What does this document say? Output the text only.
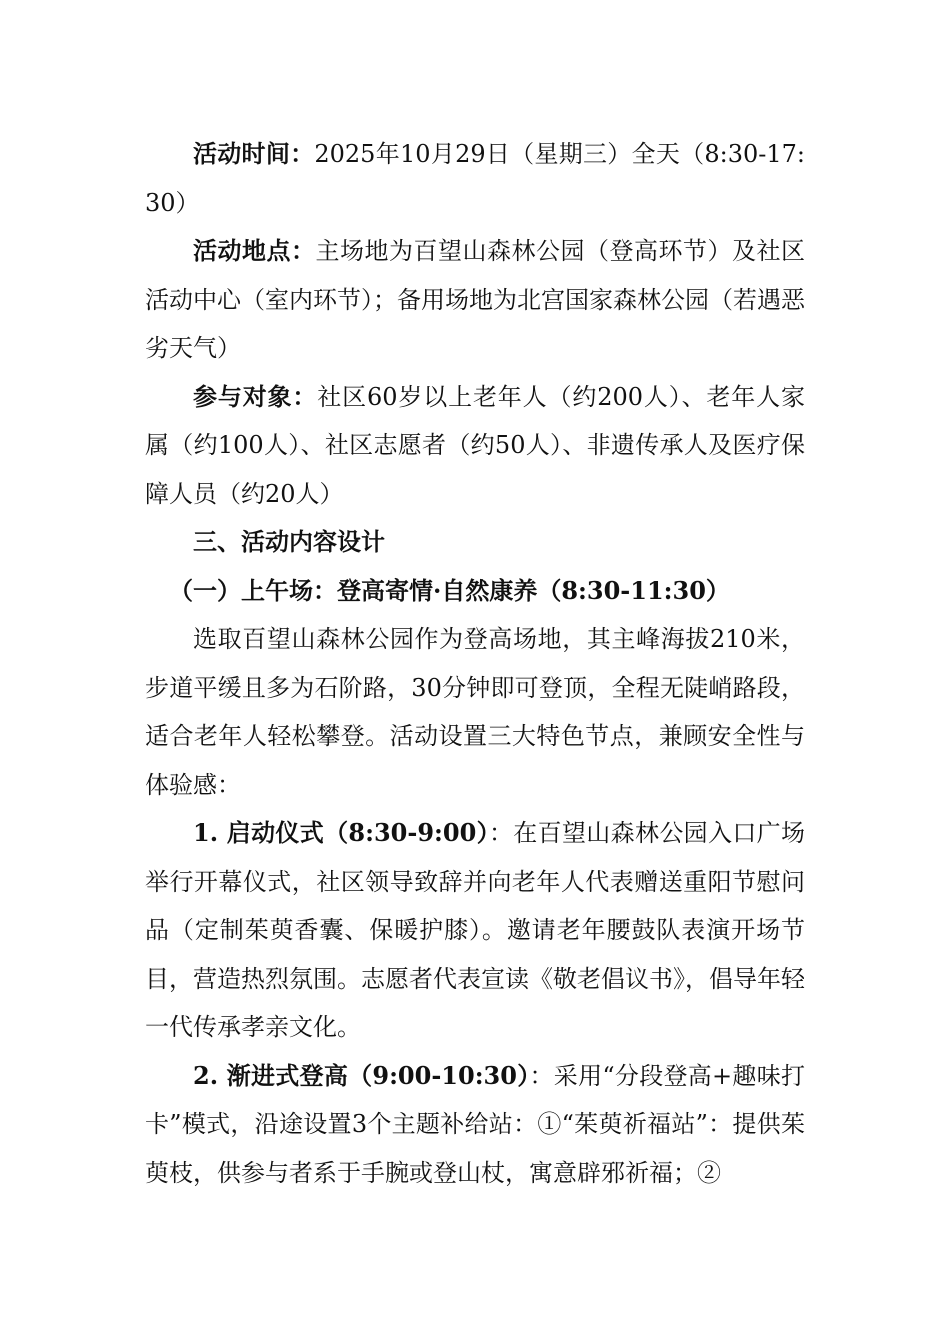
活动时间：2025年10月29日（星期三）全天（8:30-17:30）

活动地点：主场地为百望山森林公园（登高环节）及社区活动中心（室内环节）；备用场地为北宫国家森林公园（若遇恶劣天气）

参与对象：社区60岁以上老年人（约200人）、老年人家属（约100人）、社区志愿者（约50人）、非遗传承人及医疗保障人员（约20人）

三、活动内容设计

（一）上午场：登高寄情·自然康养（8:30-11:30）

选取百望山森林公园作为登高场地，其主峰海拔210米，步道平缓且多为石阶路，30分钟即可登顶，全程无陡峭路段，适合老年人轻松攀登。活动设置三大特色节点，兼顾安全性与体验感：

1. 启动仪式（8:30-9:00）：在百望山森林公园入口广场举行开幕仪式，社区领导致辞并向老年人代表赠送重阳节慰问品（定制茱萸香囊、保暖护膝）。邀请老年腰鼓队表演开场节目，营造热烈氛围。志愿者代表宣读《敬老倡议书》，倡导年轻一代传承孝亲文化。

2. 渐进式登高（9:00-10:30）：采用“分段登高+趣味打卡”模式，沿途设置3个主题补给站：①“茱萸祈福站”：提供茱萸枝，供参与者系于手腕或登山杖，寓意辟邪祈福；②
